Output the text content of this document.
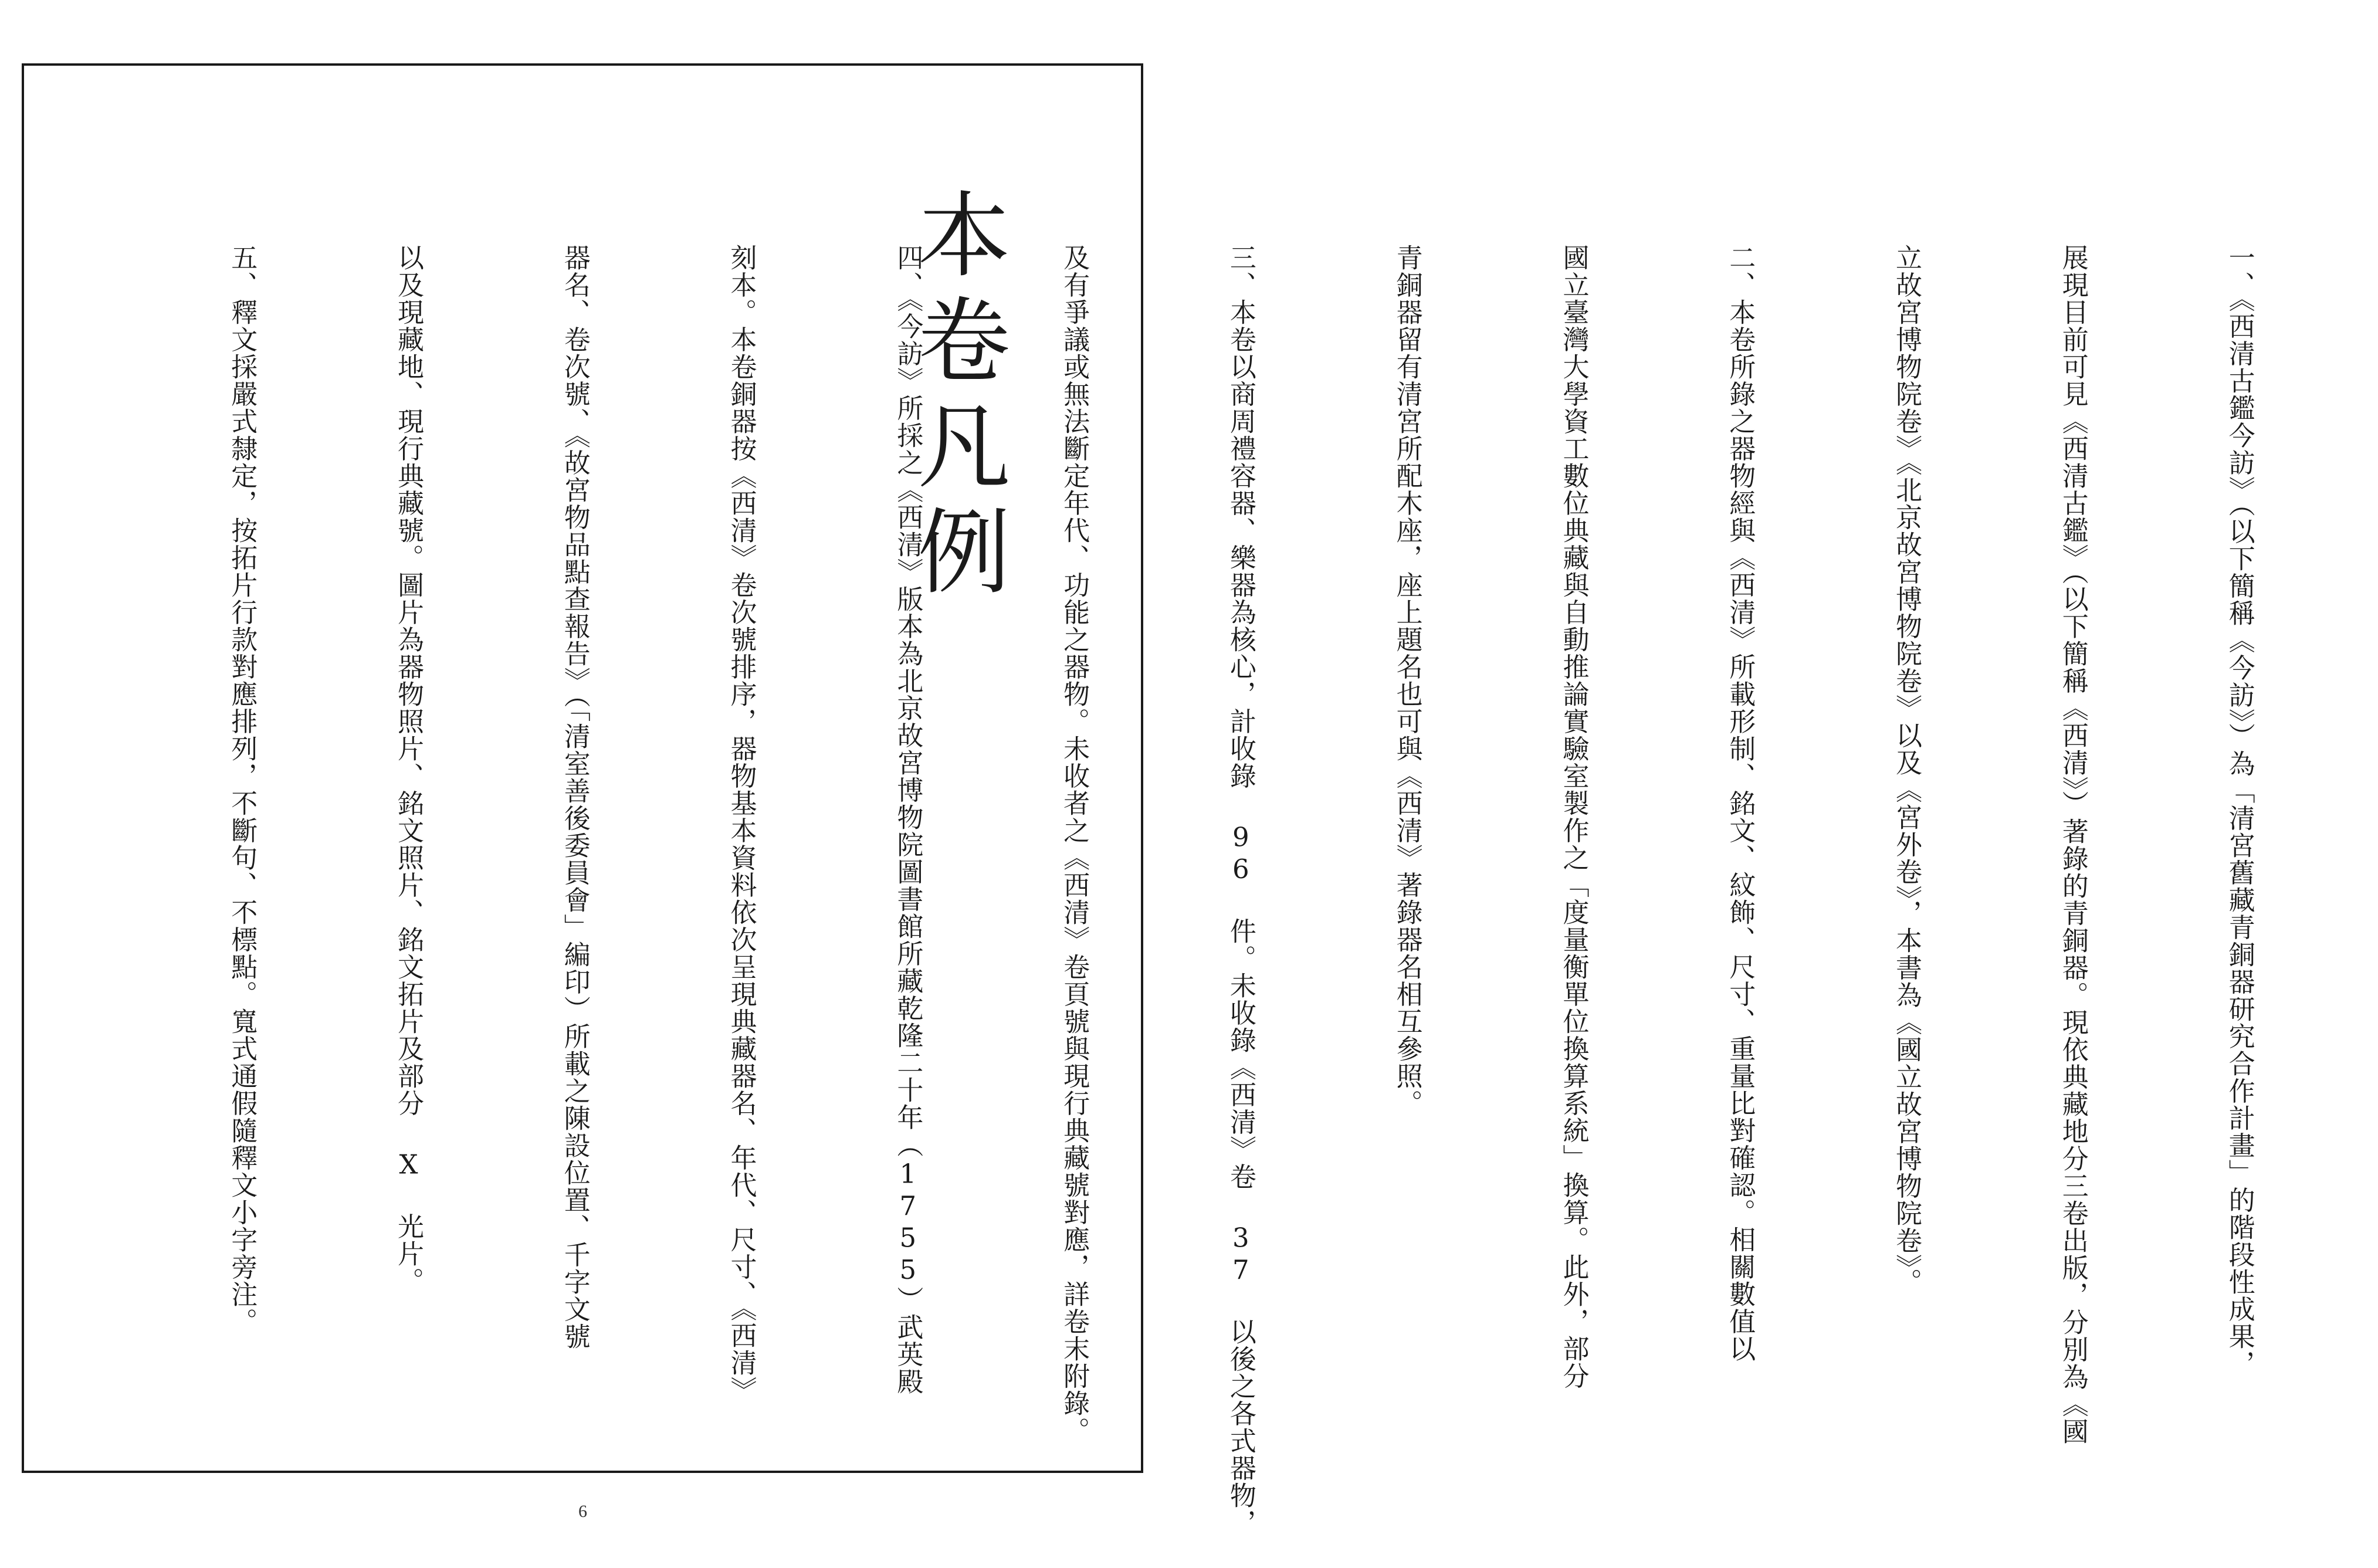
本卷凡例

	一、《西清古鑑今訪》（以下簡稱《今訪》）為「清宮舊藏青銅器研究合作計畫」的階段性成果，

展現目前可見《西清古鑑》（以下簡稱《西清》）著錄的青銅器。現依典藏地分三卷出版，分別為《國

立故宮博物院卷》《北京故宮博物院卷》以及《宮外卷》，本書為《國立故宮博物院卷》。

二、本卷所錄之器物經與《西清》所載形制、銘文、紋飾、尺寸、重量比對確認。相關數值以

國立臺灣大學資工數位典藏與自動推論實驗室製作之「度量衡單位換算系統」換算。此外，部分

青銅器留有清宮所配木座，座上題名也可與《西清》著錄器名相互參照。

三、本卷以商周禮容器、樂器為核心，計收錄 96 件。未收錄《西清》卷 37 以後之各式器物，

及有爭議或無法斷定年代、功能之器物。未收者之《西清》卷頁號與現行典藏號對應，詳卷末附錄。

四、《今訪》所採之《西清》版本為北京故宮博物院圖書館所藏乾隆二十年（1755）武英殿

刻本。本卷銅器按《西清》卷次號排序，器物基本資料依次呈現典藏器名、年代、尺寸、《西清》

器名、卷次號、《故宮物品點查報告》（「清室善後委員會」編印）所載之陳設位置、千字文號

以及現藏地、現行典藏號。圖片為器物照片、銘文照片、銘文拓片及部分 X 光片。

五、釋文採嚴式隸定，按拓片行款對應排列，不斷句、不標點。寬式通假隨釋文小字旁注。

6
